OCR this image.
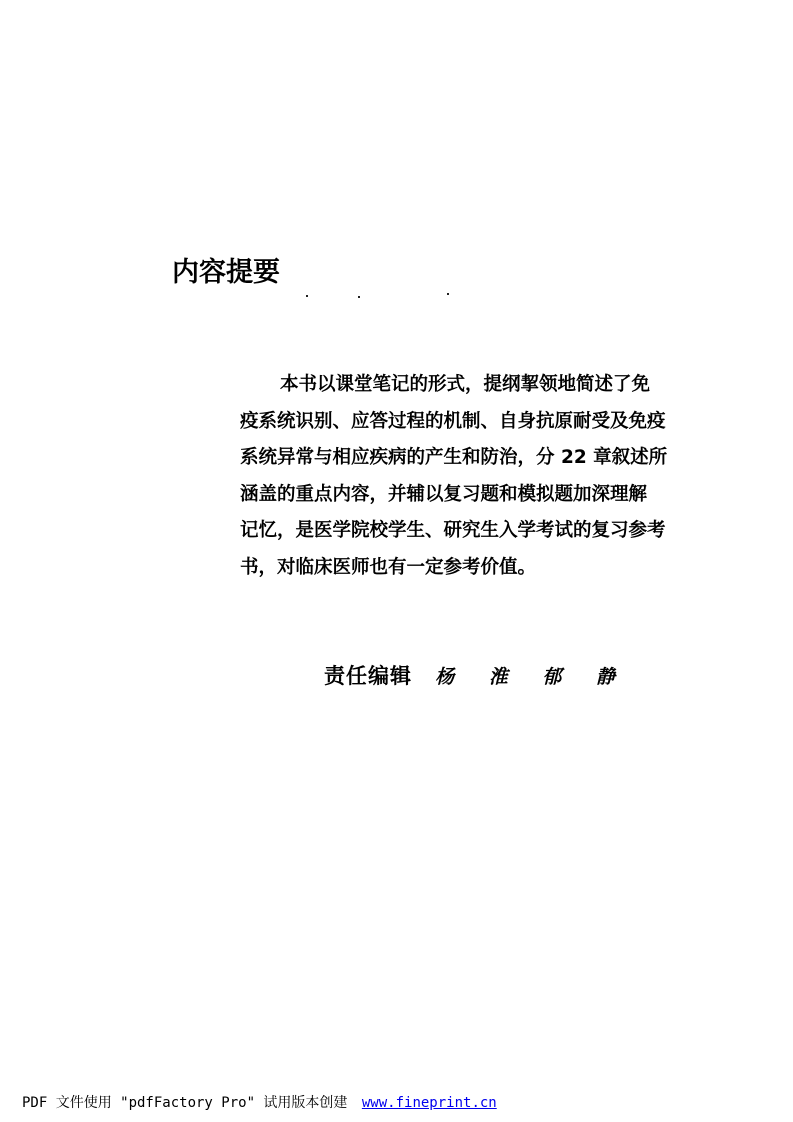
内容提要

本书以课堂笔记的形式，提纲挈领地简述了免
疫系统识别、应答过程的机制、自身抗原耐受及免疫
系统异常与相应疾病的产生和防治，分 22 章叙述所
涵盖的重点内容，并辅以复习题和模拟题加深理解
记忆，是医学院校学生、研究生入学考试的复习参考
书，对临床医师也有一定参考价值。

责任编辑 杨 淮 郁 静
PDF 文件使用 "pdfFactory Pro" 试用版本创建 www.fineprint.cn
